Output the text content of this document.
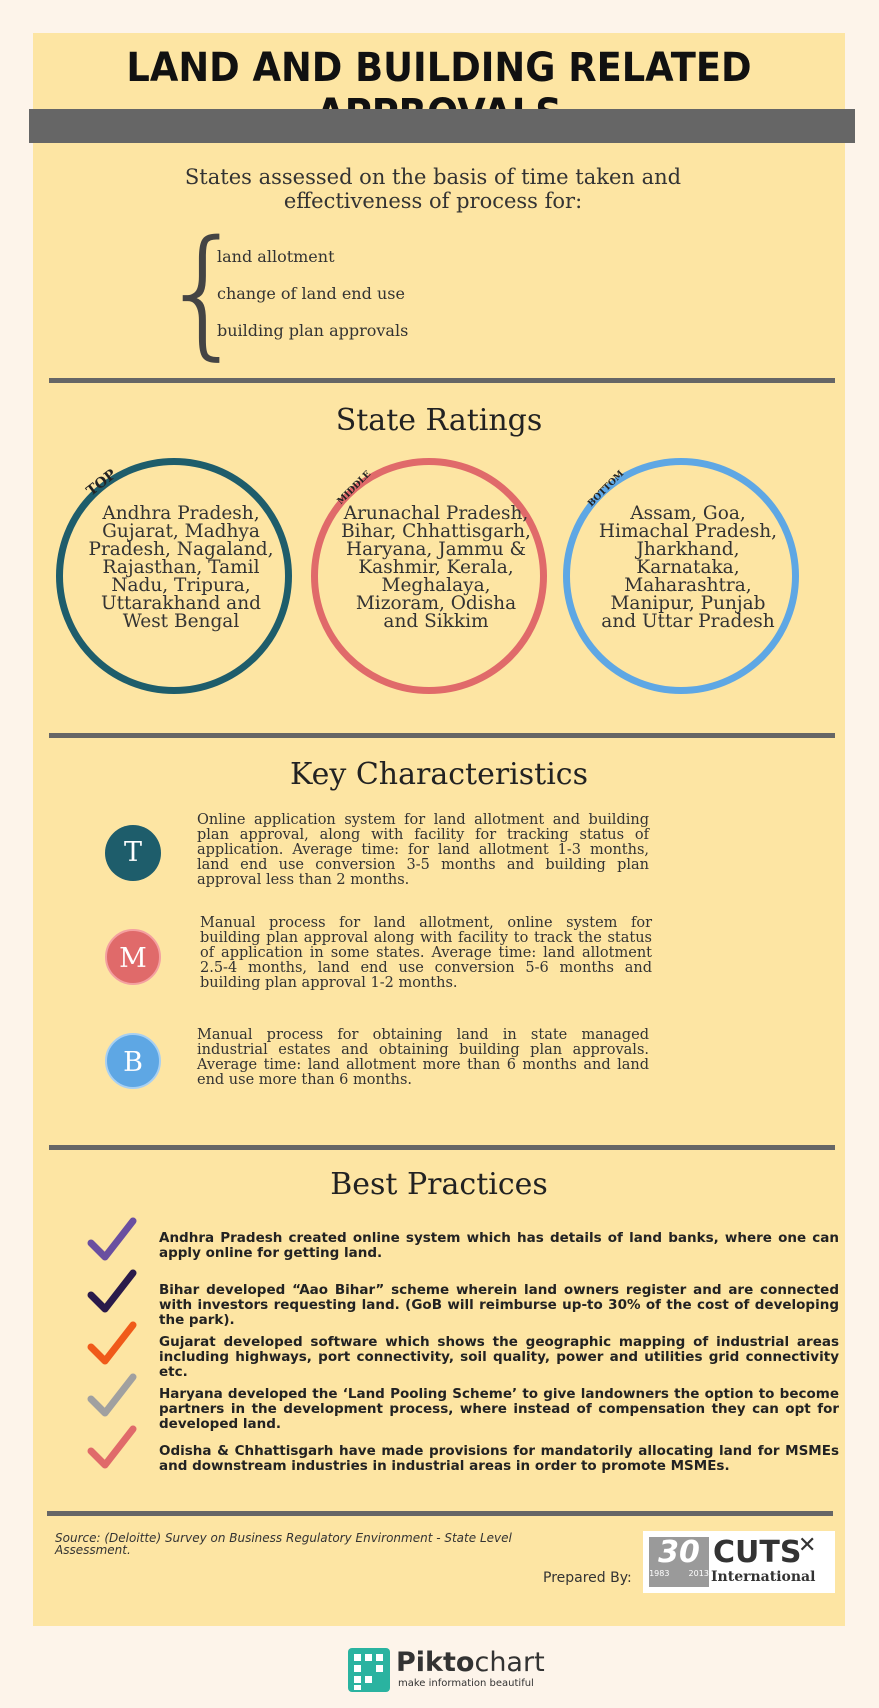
LAND AND BUILDING RELATED
States assessed on the basis of time taken and effectiveness of process for:
{
land allotment
change of land end use
building plan approvals
State Ratings
Andhra Pradesh, Gujarat, Madhya Pradesh, Nagaland, Rajasthan, Tamil Nadu, Tripura, Uttarakhand and West Bengal
TOP
Arunachal Pradesh, Bihar, Chhattisgarh, Haryana, Jammu & Kashmir, Kerala, Meghalaya, Mizoram, Odisha and Sikkim
MIDDLE
Assam, Goa, Himachal Pradesh, Jharkhand, Karnataka, Maharashtra, Manipur, Punjab and Uttar Pradesh
BOTTOM
Key Characteristics
T
Online application system for land allotment and building plan approval, along with facility for tracking status of application. Average time: for land allotment 1-3 months, land end use conversion 3-5 months and building plan approval less than 2 months.
M
Manual process for land allotment, online system for building plan approval along with facility to track the status of application in some states. Average time: land allotment 2.5-4 months, land end use conversion 5-6 months and building plan approval 1-2 months.
B
Manual process for obtaining land in state managed industrial estates and obtaining building plan approvals. Average time: land allotment more than 6 months and land end use more than 6 months.
Best Practices
Andhra Pradesh created online system which has details of land banks, where one can apply online for getting land.
Bihar developed “Aao Bihar” scheme wherein land owners register and are connected with investors requesting land. (GoB will reimburse up-to 30% of the cost of developing the park).
Gujarat developed software which shows the geographic mapping of industrial areas including highways, port connectivity, soil quality, power and utilities grid connectivity etc.
Haryana developed the ‘Land Pooling Scheme’ to give landowners the option to become partners in the development process, where instead of compensation they can opt for developed land.
Odisha & Chhattisgarh have made provisions for mandatorily allocating land for MSMEs and downstream industries in industrial areas in order to promote MSMEs.
Source: (Deloitte) Survey on Business Regulatory Environment - State Level Assessment.
Prepared By:
30
1983 2013
CUTS
✕
International
Piktochart
make information beautiful
